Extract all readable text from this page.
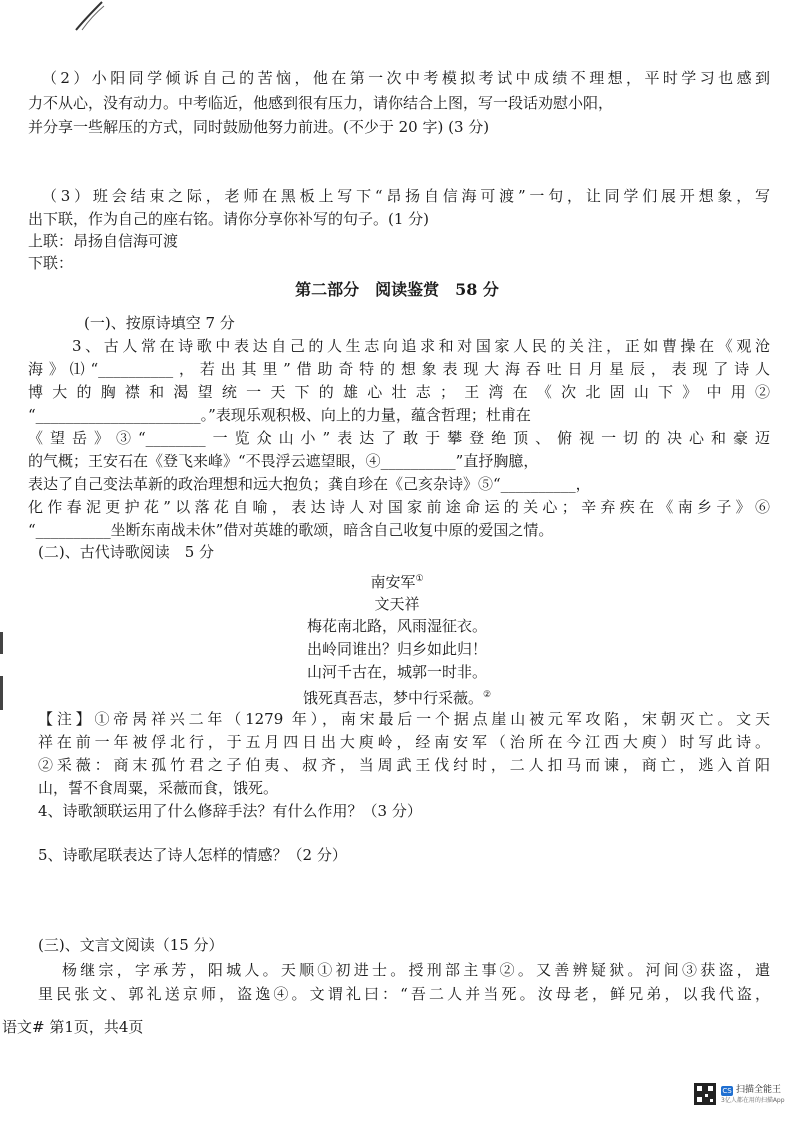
（2）小阳同学倾诉自己的苦恼，他在第一次中考模拟考试中成绩不理想，平时学习也感到
力不从心，没有动力。中考临近，他感到很有压力，请你结合上图，写一段话劝慰小阳，
并分享一些解压的方式，同时鼓励他努力前进。(不少于 20 字) (3 分)
（3）班会结束之际，老师在黑板上写下“昂扬自信海可渡”一句，让同学们展开想象，写
出下联，作为自己的座右铭。请你分享你补写的句子。(1 分)
上联：昂扬自信海可渡
下联：
第二部分　阅读鉴赏　58 分
(一)、按原诗填空 7 分
3、古人常在诗歌中表达自己的人生志向追求和对国家人民的关注，正如曹操在《观沧
海》⑴“__________，若出其里”借助奇特的想象表现大海吞吐日月星辰，表现了诗人
博大的胸襟和渴望统一天下的雄心壮志；王湾在《次北固山下》中用②
“______________________。”表现乐观积极、向上的力量，蕴含哲理；杜甫在
《望岳》③“________一览众山小”表达了敢于攀登绝顶、俯视一切的决心和豪迈
的气概；王安石在《登飞来峰》“不畏浮云遮望眼，④__________”直抒胸臆，
表达了自己变法革新的政治理想和远大抱负；龚自珍在《己亥杂诗》⑤“__________，
化作春泥更护花”以落花自喻，表达诗人对国家前途命运的关心；辛弃疾在《南乡子》⑥
“__________坐断东南战未休”借对英雄的歌颂，暗含自己收复中原的爱国之情。
(二)、古代诗歌阅读　5 分
南安军①
文天祥
梅花南北路，风雨湿征衣。
出岭同谁出？归乡如此归！
山河千古在，城郭一时非。
饿死真吾志，梦中行采薇。②
【注】①帝昺祥兴二年（1279 年），南宋最后一个据点崖山被元军攻陷，宋朝灭亡。文天
祥在前一年被俘北行，于五月四日出大庾岭，经南安军（治所在今江西大庾）时写此诗。
②采薇：商末孤竹君之子伯夷、叔齐，当周武王伐纣时，二人扣马而谏，商亡，逃入首阳
山，誓不食周粟，采薇而食，饿死。
4、诗歌颔联运用了什么修辞手法？有什么作用？（3 分）
5、诗歌尾联表达了诗人怎样的情感？（2 分）
(三)、文言文阅读（15 分）
杨继宗，字承芳，阳城人。天顺①初进士。授刑部主事②。又善辨疑狱。河间③获盗，遣
里民张文、郭礼送京师，盗逸④。文谓礼曰：“吾二人并当死。汝母老，鲜兄弟，以我代盗，
语文# 第1页，共4页
CS 扫描全能王
3亿人都在用的扫描App
